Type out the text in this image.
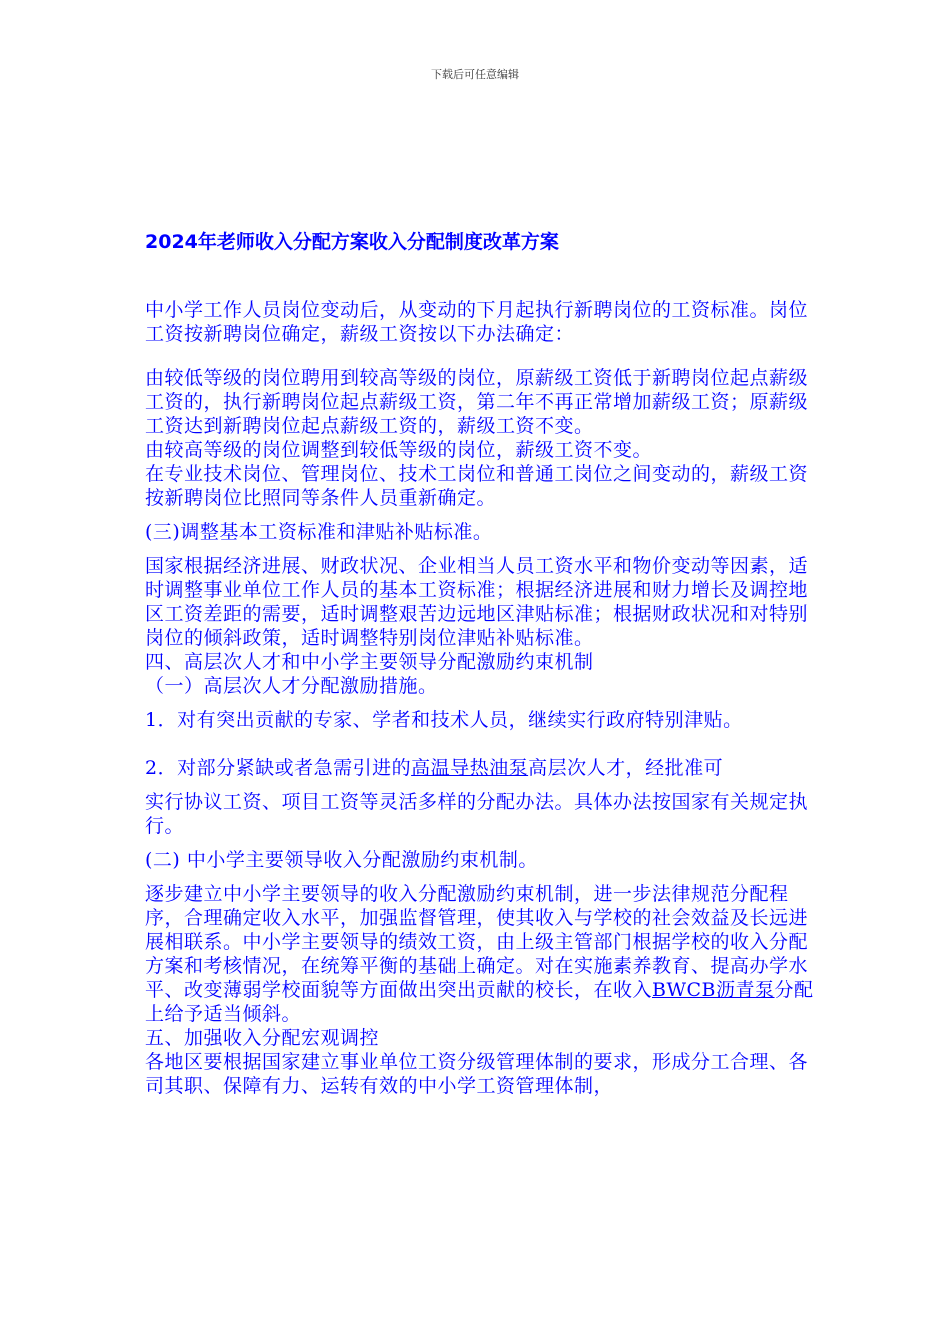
下载后可任意编辑
2024年老师收入分配方案收入分配制度改革方案

中小学工作人员岗位变动后，从变动的下月起执行新聘岗位的工资标准。岗位工资按新聘岗位确定，薪级工资按以下办法确定：

由较低等级的岗位聘用到较高等级的岗位，原薪级工资低于新聘岗位起点薪级工资的，执行新聘岗位起点薪级工资，第二年不再正常增加薪级工资；原薪级工资达到新聘岗位起点薪级工资的，薪级工资不变。

由较高等级的岗位调整到较低等级的岗位，薪级工资不变。

在专业技术岗位、管理岗位、技术工岗位和普通工岗位之间变动的，薪级工资按新聘岗位比照同等条件人员重新确定。

(三)调整基本工资标准和津贴补贴标准。

国家根据经济进展、财政状况、企业相当人员工资水平和物价变动等因素，适时调整事业单位工作人员的基本工资标准；根据经济进展和财力增长及调控地区工资差距的需要，适时调整艰苦边远地区津贴标准；根据财政状况和对特别岗位的倾斜政策，适时调整特别岗位津贴补贴标准。

四、高层次人才和中小学主要领导分配激励约束机制

（一）高层次人才分配激励措施。

1．对有突出贡献的专家、学者和技术人员，继续实行政府特别津贴。

2．对部分紧缺或者急需引进的高温导热油泵高层次人才，经批准可

实行协议工资、项目工资等灵活多样的分配办法。具体办法按国家有关规定执行。

(二) 中小学主要领导收入分配激励约束机制。

逐步建立中小学主要领导的收入分配激励约束机制，进一步法律规范分配程序，合理确定收入水平，加强监督管理，使其收入与学校的社会效益及长远进展相联系。中小学主要领导的绩效工资，由上级主管部门根据学校的收入分配方案和考核情况，在统筹平衡的基础上确定。对在实施素养教育、提高办学水平、改变薄弱学校面貌等方面做出突出贡献的校长，在收入BWCB沥青泵分配上给予适当倾斜。

五、加强收入分配宏观调控

各地区要根据国家建立事业单位工资分级管理体制的要求，形成分工合理、各司其职、保障有力、运转有效的中小学工资管理体制，
